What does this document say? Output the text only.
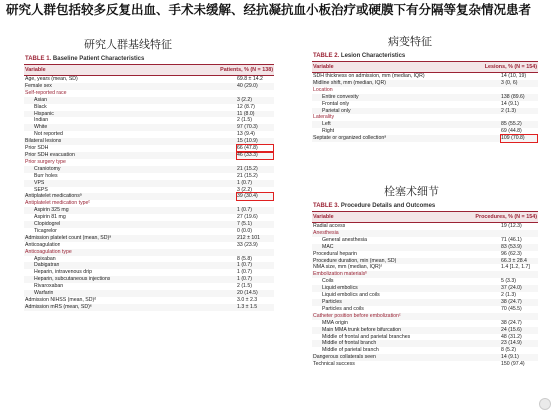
研究人群包括较多反复出血、手术未缓解、经抗凝抗血小板治疗或硬膜下有分隔等复杂情况患者
研究人群基线特征	病变特征
栓塞术细节
TABLE 1. Baseline Patient Characteristics
Variable	Patients, % (N = 138)
Age, years (mean, SD)	69.8 ± 14.2
Female sex	40 (29.0)
Self-reported race
Asian	3 (2.2)
Black	12 (8.7)
Hispanic	11 (8.0)
Indian	2 (1.5)
White	97 (70.3)
Not reported	13 (9.4)
Bilateral lesions	15 (10.9)
Prior SDH	66 (47.8)
Prior SDH evacuation	46 (33.3)
Prior surgery type
Craniotomy	21 (15.2)
Burr holes	21 (15.2)
VPS	1 (0.7)
SEPS	3 (2.2)
Antiplatelet medicationsᵃ	39 (30.4)
Antiplatelet medication typeᵇ
Aspirin 325 mg	1 (0.7)
Aspirin 81 mg	27 (19.6)
Clopidogrel	7 (5.1)
Ticagrelor	0 (0.0)
Admission platelet count (mean, SD)ᵃ	212 ± 101
Anticoagulation	33 (23.9)
Anticoagulation type
Apixaban	8 (5.8)
Dabigatran	1 (0.7)
Heparin, intravenous drip	1 (0.7)
Heparin, subcutaneous injections	1 (0.7)
Rivaroxaban	2 (1.5)
Warfarin	20 (14.5)
Admission NIHSS (mean, SD)ᵈ	3.0 ± 2.3
Admission mRS (mean, SD)ᵉ	1.3 ± 1.5
TABLE 2. Lesion Characteristics
Variable	Lesions, % (N = 154)
SDH thickness on admission, mm (median, IQR)	14 (10, 19)
Midline shift, mm (median, IQR)	3 (0, 6)
Location
Entire convexity	138 (89.6)
Frontal only	14 (9.1)
Parietal only	2 (1.3)
Laterality
Left	85 (55.2)
Right	69 (44.8)
Septate or organized collectionᵃ	109 (70.8)
TABLE 3. Procedure Details and Outcomes
Variable	Procedures, % (N = 154)
Radial access	19 (12.3)
Anesthesia
General anesthesia	71 (46.1)
MAC	83 (53.9)
Procedural heparin	96 (62.3)
Procedure duration, min (mean, SD)	66.3 ± 28.4
NMA size, mm (median, IQR)ᵃ	1.4 [1.2, 1.7]
Embolization materialsᵇ
Coils	5 (3.3)
Liquid embolics	37 (24.0)
Liquid embolics and coils	2 (1.3)
Particles	38 (24.7)
Particles and coils	70 (45.5)
Catheter position before embolizationᶜ
MMA origin	38 (24.7)
Main MMA trunk before bifurcation	24 (15.6)
Middle of frontal and parietal branches	48 (31.2)
Middle of frontal branch	23 (14.9)
Middle of parietal branch	8 (5.2)
Dangerous collaterals seen	14 (9.1)
Technical success	150 (97.4)
